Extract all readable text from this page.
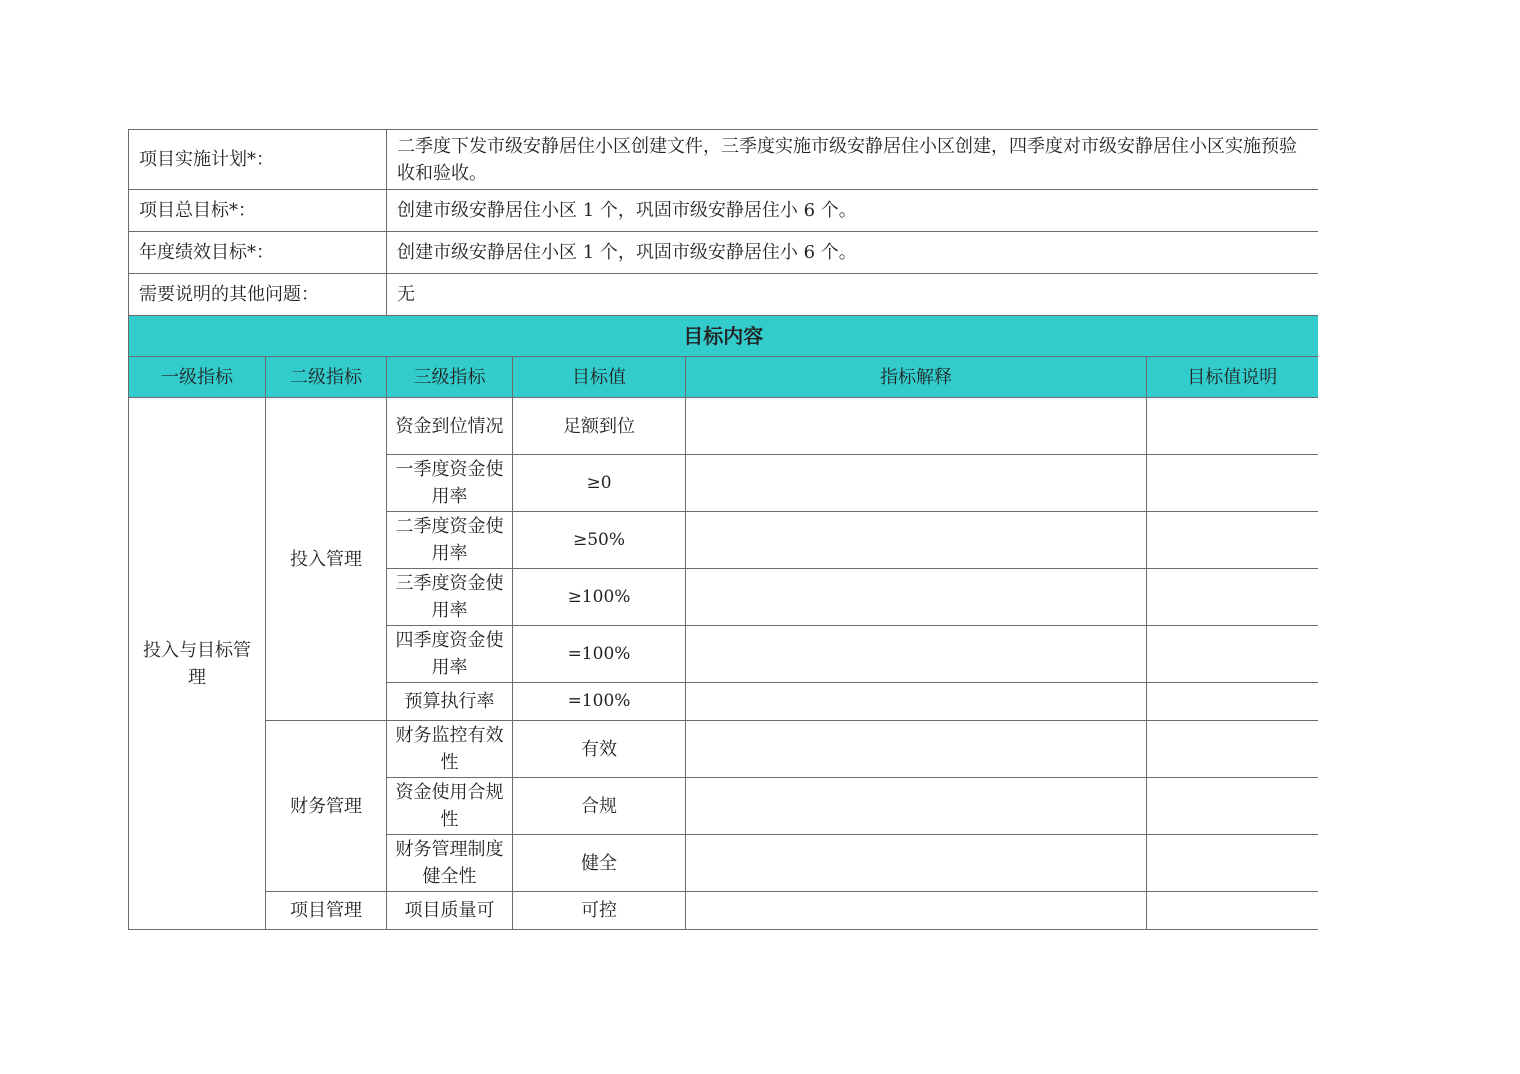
项目实施计划*：		二季度下发市级安静居住小区创建文件，三季度实施市级安静居住小区创建，四季度对市级安静居住小区实施预验收和验收。			
项目总目标*：		创建市级安静居住小区 1 个，巩固市级安静居住小 6 个。			
年度绩效目标*：		创建市级安静居住小区 1 个，巩固市级安静居住小 6 个。			
需要说明的其他问题：		无			
目标内容					
一级指标	二级指标	三级指标	目标值	指标解释	目标值说明
投入与目标管理	投入管理	资金到位情况	足额到位		
		一季度资金使用率	≥0		
		二季度资金使用率	≥50%		
		三季度资金使用率	≥100%		
		四季度资金使用率	=100%		
		预算执行率	=100%		
	财务管理	财务监控有效性	有效		
		资金使用合规性	合规		
		财务管理制度健全性	健全		
	项目管理	项目质量可	可控		
